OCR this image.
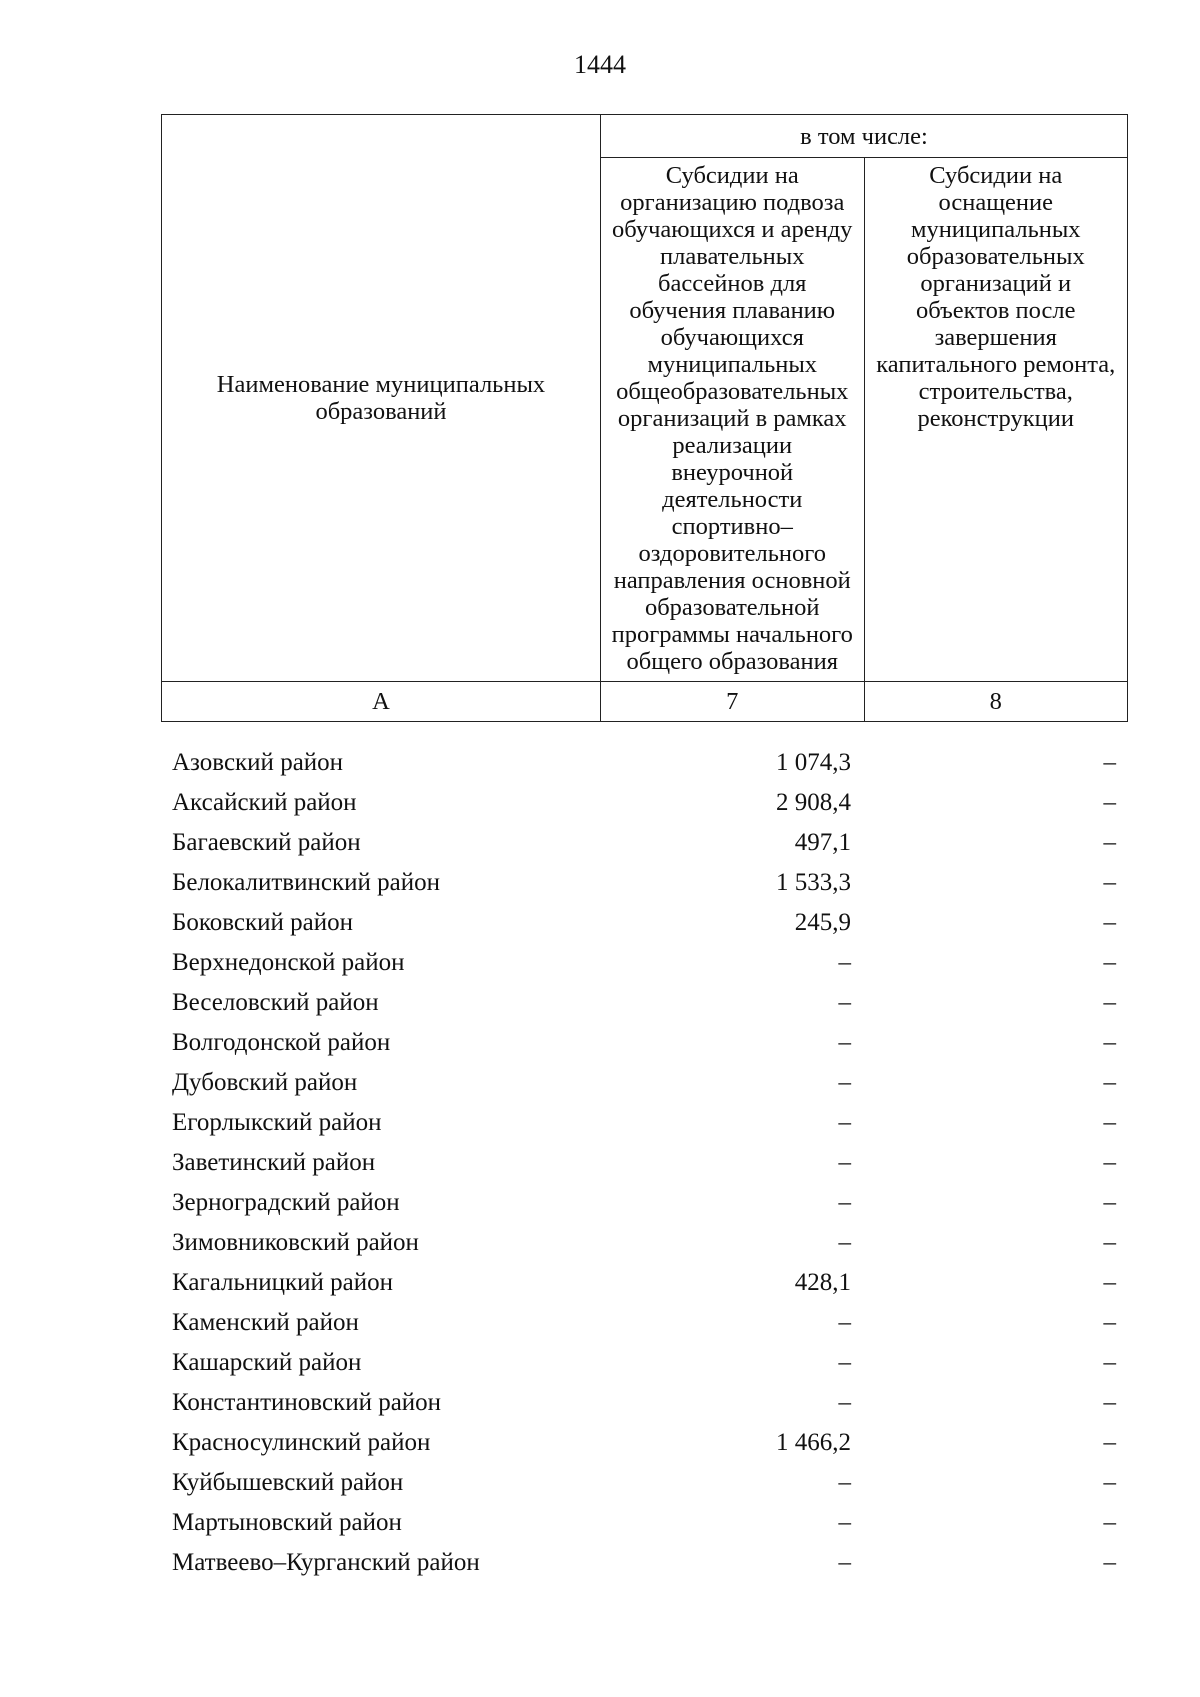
1444
Наименование муниципальных образований	в том числе:	

	Субсидии на организацию подвоза обучающихся и аренду плавательных бассейнов для обучения плаванию обучающихся муниципальных общеобразовательных организаций в рамках реализации внеурочной деятельности спортивно–оздоровительного направления основной образовательной программы начального общего образования	Субсидии на оснащение муниципальных образовательных организаций и объектов после завершения капитального ремонта, строительства, реконструкции

А	7	8
Азовский район	1 074,3	–
Аксайский район	2 908,4	–
Багаевский район	497,1	–
Белокалитвинский район	1 533,3	–
Боковский район	245,9	–
Верхнедонской район	–	–
Веселовский район	–	–
Волгодонской район	–	–
Дубовский район	–	–
Егорлыкский район	–	–
Заветинский район	–	–
Зерноградский район	–	–
Зимовниковский район	–	–
Кагальницкий район	428,1	–
Каменский район	–	–
Кашарский район	–	–
Константиновский район	–	–
Красносулинский район	1 466,2	–
Куйбышевский район	–	–
Мартыновский район	–	–
Матвеево–Курганский район	–	–
